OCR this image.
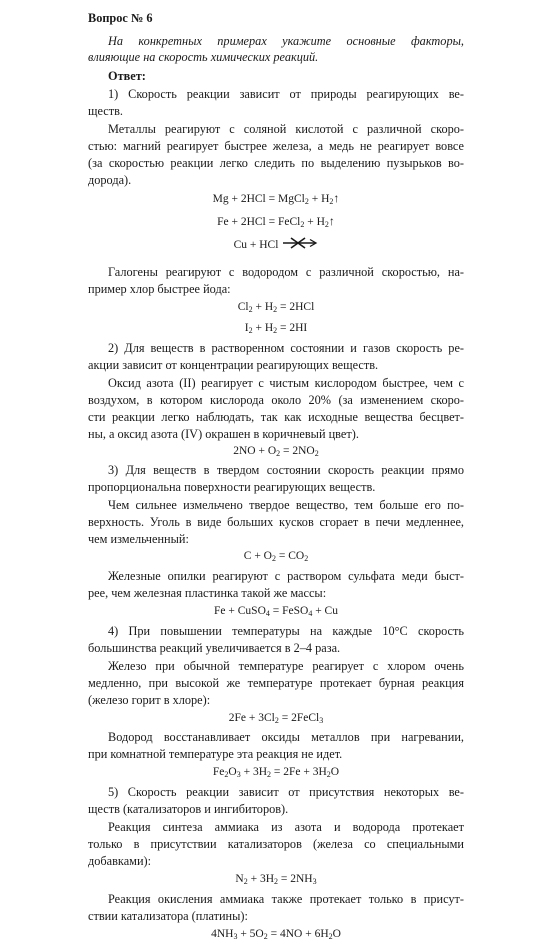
Вопрос № 6
На конкретных примерах укажите основные факторы,
влияющие на скорость химических реакций.
Ответ:
1) Скорость реакции зависит от природы реагирующих ве-
ществ.
Металлы реагируют с соляной кислотой с различной скоро-
стью: магний реагирует быстрее железа, а медь не реагирует вовсе
(за скоростью реакции легко следить по выделению пузырьков во-
дорода).
Mg + 2HCl = MgCl$_2$ + $H_2↑$
Fe + 2HCl = FeCl$_2$ + $H_2↑$
Cu + HCl
Галогены реагируют с водородом с различной скоростью, на-
пример хлор быстрее йода:
$Cl_2 + H_2 = 2HCl$
$I_2 + H_2 = 2HI$
2) Для веществ в растворенном состоянии и газов скорость ре-
акции зависит от концентрации реагирующих веществ.
Оксид азота (II) реагирует с чистым кислородом быстрее, чем с
воздухом, в котором кислорода около 20% (за изменением скоро-
сти реакции легко наблюдать, так как исходные вещества бесцвет-
ны, а оксид азота (IV) окрашен в коричневый цвет).
$2NO + O_2 = 2NO_2$
3) Для веществ в твердом состоянии скорость реакции прямо
пропорциональна поверхности реагирующих веществ.
Чем сильнее измельчено твердое вещество, тем больше его по-
верхность. Уголь в виде больших кусков сгорает в печи медленнее,
чем измельченный:
$C + O_2 = CO_2$
Железные опилки реагируют с раствором сульфата меди быст-
рее, чем железная пластинка такой же массы:
Fe + CuSO$_4$ = FeSO$_4$ + Cu
4) При повышении температуры на каждые 10°С скорость
большинства реакций увеличивается в 2–4 раза.
Железо при обычной температуре реагирует с хлором очень
медленно, при высокой же температуре протекает бурная реакция
(железо горит в хлоре):
$2Fe + 3Cl_2$ = 2FeCl$_3$
Водород восстанавливает оксиды металлов при нагревании,
при комнатной температуре эта реакция не идет.
$Fe_2O_3 + 3H_2 = 2Fe + 3H_2O$
5) Скорость реакции зависит от присутствия некоторых ве-
ществ (катализаторов и ингибиторов).
Реакция синтеза аммиака из азота и водорода протекает
только в присутствии катализаторов (железа со специальными
добавками):
$N_2 + 3H_2 = 2NH_3$
Реакция окисления аммиака также протекает только в присут-
ствии катализатора (платины):
$4NH_3 + 5O_2 = 4NO + 6H_2O$
